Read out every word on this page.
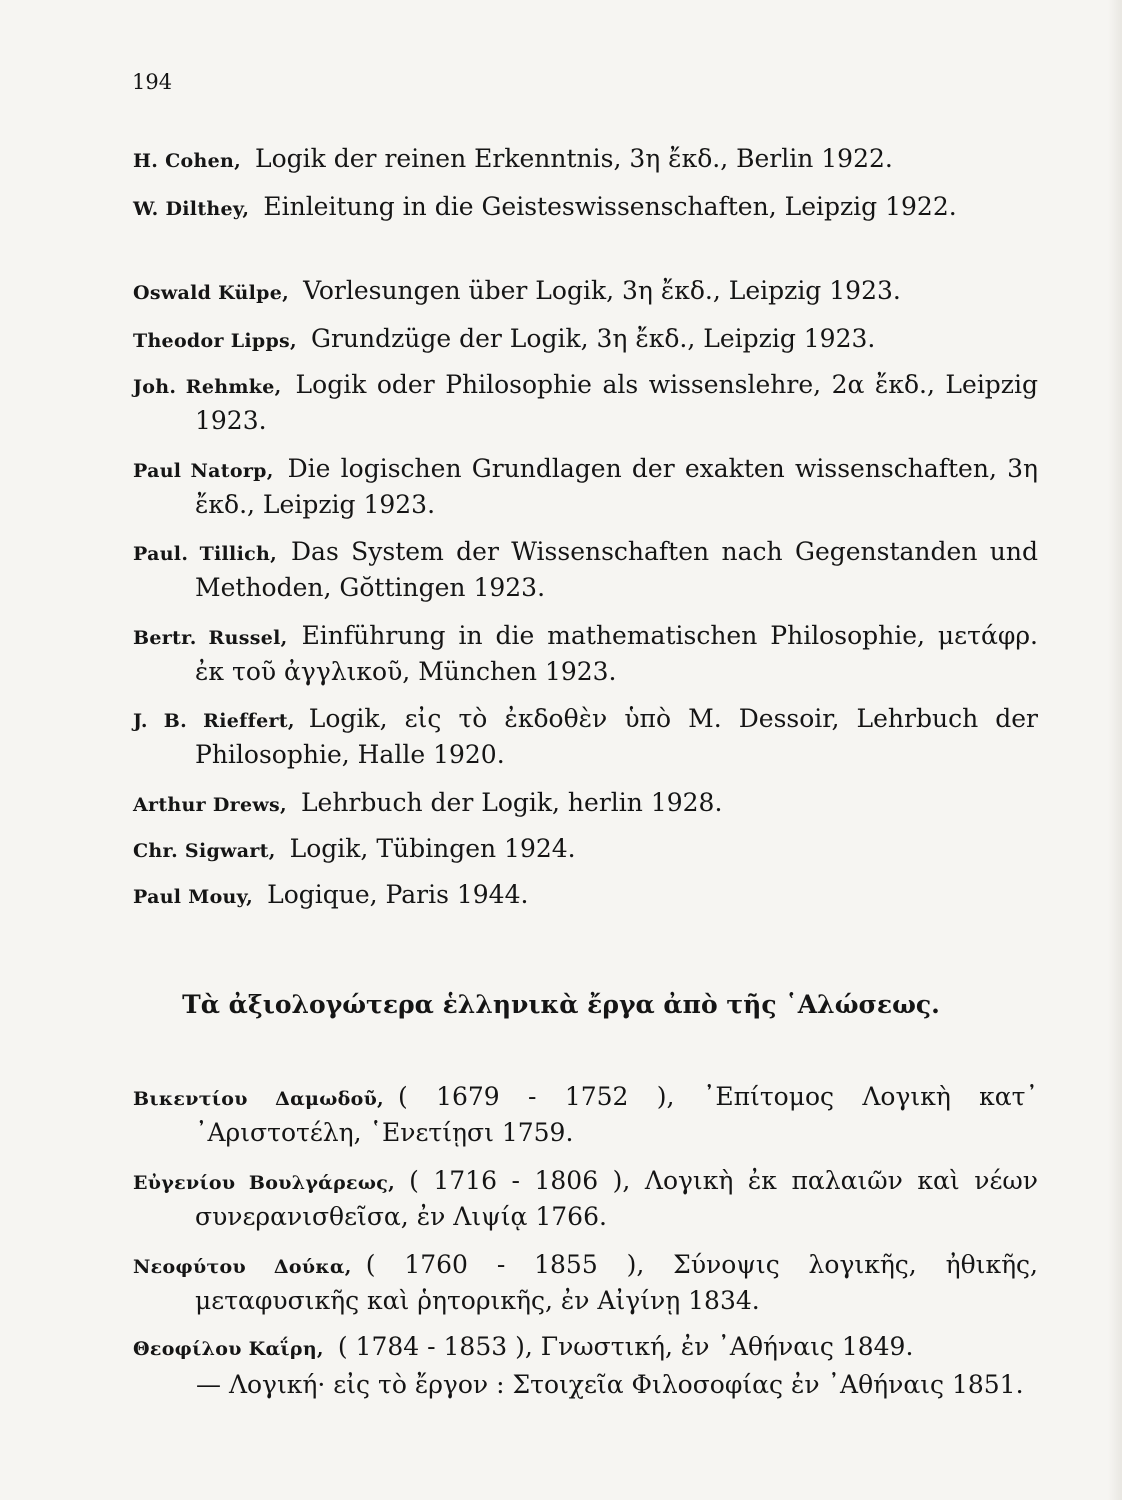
194
H. Cohen, Logik der reinen Erkenntnis, 3η ἔκδ., Berlin 1922.
W. Dilthey, Einleitung in die Geisteswissenschaften, Leipzig 1922.
Oswald Külpe, Vorlesungen über Logik, 3η ἔκδ., Leipzig 1923.
Theodor Lipps, Grundzüge der Logik, 3η ἔκδ., Leipzig 1923.
Joh. Rehmke, Logik oder Philosophie als wissenslehre, 2α ἔκδ., Leipzig 1923.
Paul Natorp, Die logischen Grundlagen der exakten wissenschaften, 3η ἔκδ., Leipzig 1923.
Paul. Tillich, Das System der Wissenschaften nach Gegenstanden und Methoden, Gŏttingen 1923.
Bertr. Russel, Einführung in die mathematischen Philosophie, μετάφρ. ἐκ τοῦ ἀγγλικοῦ, München 1923.
J. B. Rieffert, Logik, εἰς τὸ ἐκδοθὲν ὑπὸ M. Dessoir, Lehrbuch der Philosophie, Halle 1920.
Arthur Drews, Lehrbuch der Logik, herlin 1928.
Chr. Sigwart, Logik, Tübingen 1924.
Paul Mouy, Logique, Paris 1944.
Τὰ ἀξιολογώτερα ἑλληνικὰ ἔργα ἀπὸ τῆς ῾Αλώσεως.
Βικεντίου Δαμωδοῦ, ( 1679 - 1752 ), ᾿Επίτομος Λογικὴ κατ᾿ ᾿Αριστοτέλη, ῾Ενετίῃσι 1759.
Εὐγενίου Βουλγάρεως, ( 1716 - 1806 ), Λογικὴ ἐκ παλαιῶν καὶ νέων συνερανισθεῖσα, ἐν Λιψίᾳ 1766.
Νεοφύτου Δούκα, ( 1760 - 1855 ), Σύνοψις λογικῆς, ἠθικῆς, μεταφυσικῆς καὶ ῥητορικῆς, ἐν Αἰγίνῃ 1834.
Θεοφίλου Καΐρη, ( 1784 - 1853 ), Γνωστική, ἐν ᾿Αθήναις 1849.
— Λογική· εἰς τὸ ἔργον : Στοιχεῖα Φιλοσοφίας ἐν ᾿Αθήναις 1851.
